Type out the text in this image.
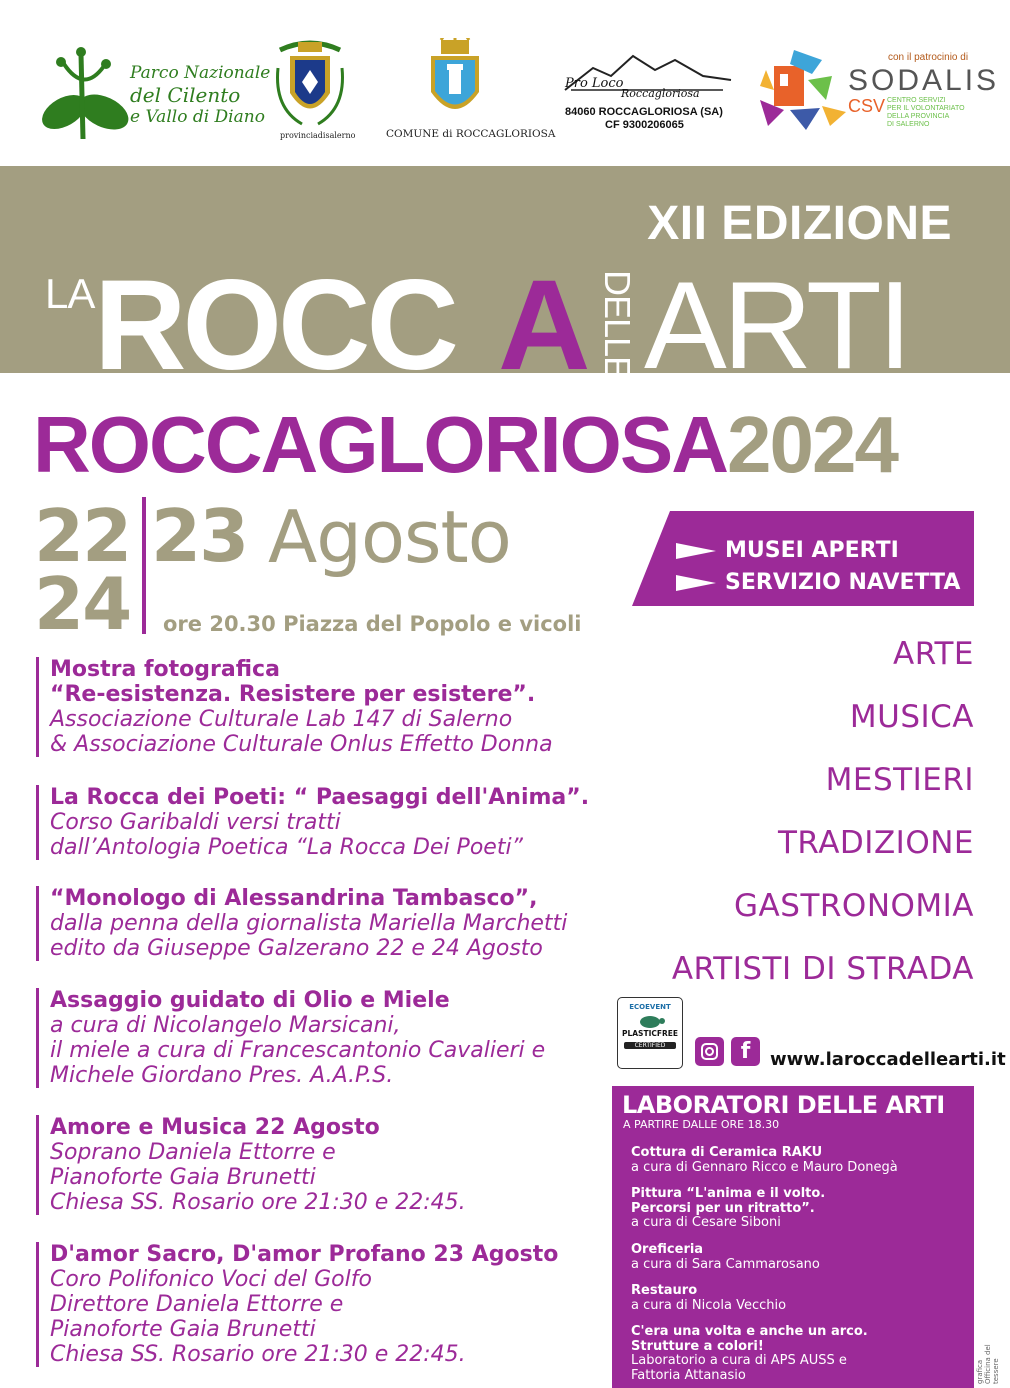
Parco Nazionale
del Cilento
e Vallo di Diano
provinciadisalerno	COMUNE di ROCCAGLORIOSA
Pro Loco
Roccagloriosa
84060 ROCCAGLORIOSA (SA)
CF 9300206065
con il patrocinio di
SODALIS
CSV CENTRO SERVIZI
PER IL VOLONTARIATO
DELLA PROVINCIA
DI SALERNO
XII EDIZIONE
LA ROCC A DELLE ARTI
ROCCAGLORIOSA2024
22 23 Agosto
24 ore 20.30 Piazza del Popolo e vicoli
MUSEI APERTI
SERVIZIO NAVETTA
ARTE
MUSICA
MESTIERI
TRADIZIONE
GASTRONOMIA
ARTISTI DI STRADA
Mostra fotografica
“Re-esistenza. Resistere per esistere”.
Associazione Culturale Lab 147 di Salerno
& Associazione Culturale Onlus Effetto Donna
La Rocca dei Poeti: “ Paesaggi dell'Anima”.
Corso Garibaldi versi tratti
dall’Antologia Poetica “La Rocca Dei Poeti”
“Monologo di Alessandrina Tambasco”,
dalla penna della giornalista Mariella Marchetti
edito da Giuseppe Galzerano 22 e 24 Agosto
Assaggio guidato di Olio e Miele
a cura di Nicolangelo Marsicani,
il miele a cura di Francescantonio Cavalieri e
Michele Giordano Pres. A.A.P.S.
Amore e Musica 22 Agosto
Soprano Daniela Ettorre e
Pianoforte Gaia Brunetti
Chiesa SS. Rosario ore 21:30 e 22:45.
D'amor Sacro, D'amor Profano 23 Agosto
Coro Polifonico Voci del Golfo
Direttore Daniela Ettorre e
Pianoforte Gaia Brunetti
Chiesa SS. Rosario ore 21:30 e 22:45.
ECOEVENT
PLASTICFREE
CERTIFIED	f	www.laroccadellearti.it
LABORATORI DELLE ARTI
A PARTIRE DALLE ORE 18.30
Cottura di Ceramica RAKU
a cura di Gennaro Ricco e Mauro Donegà
Pittura “L'anima e il volto.
Percorsi per un ritratto”.
a cura di Cesare Siboni
Oreficeria
a cura di Sara Cammarosano
Restauro
a cura di Nicola Vecchio
C'era una volta e anche un arco.
Strutture a colori!
Laboratorio a cura di APS AUSS e
Fattoria Attanasio	grafica Officina del tessere
